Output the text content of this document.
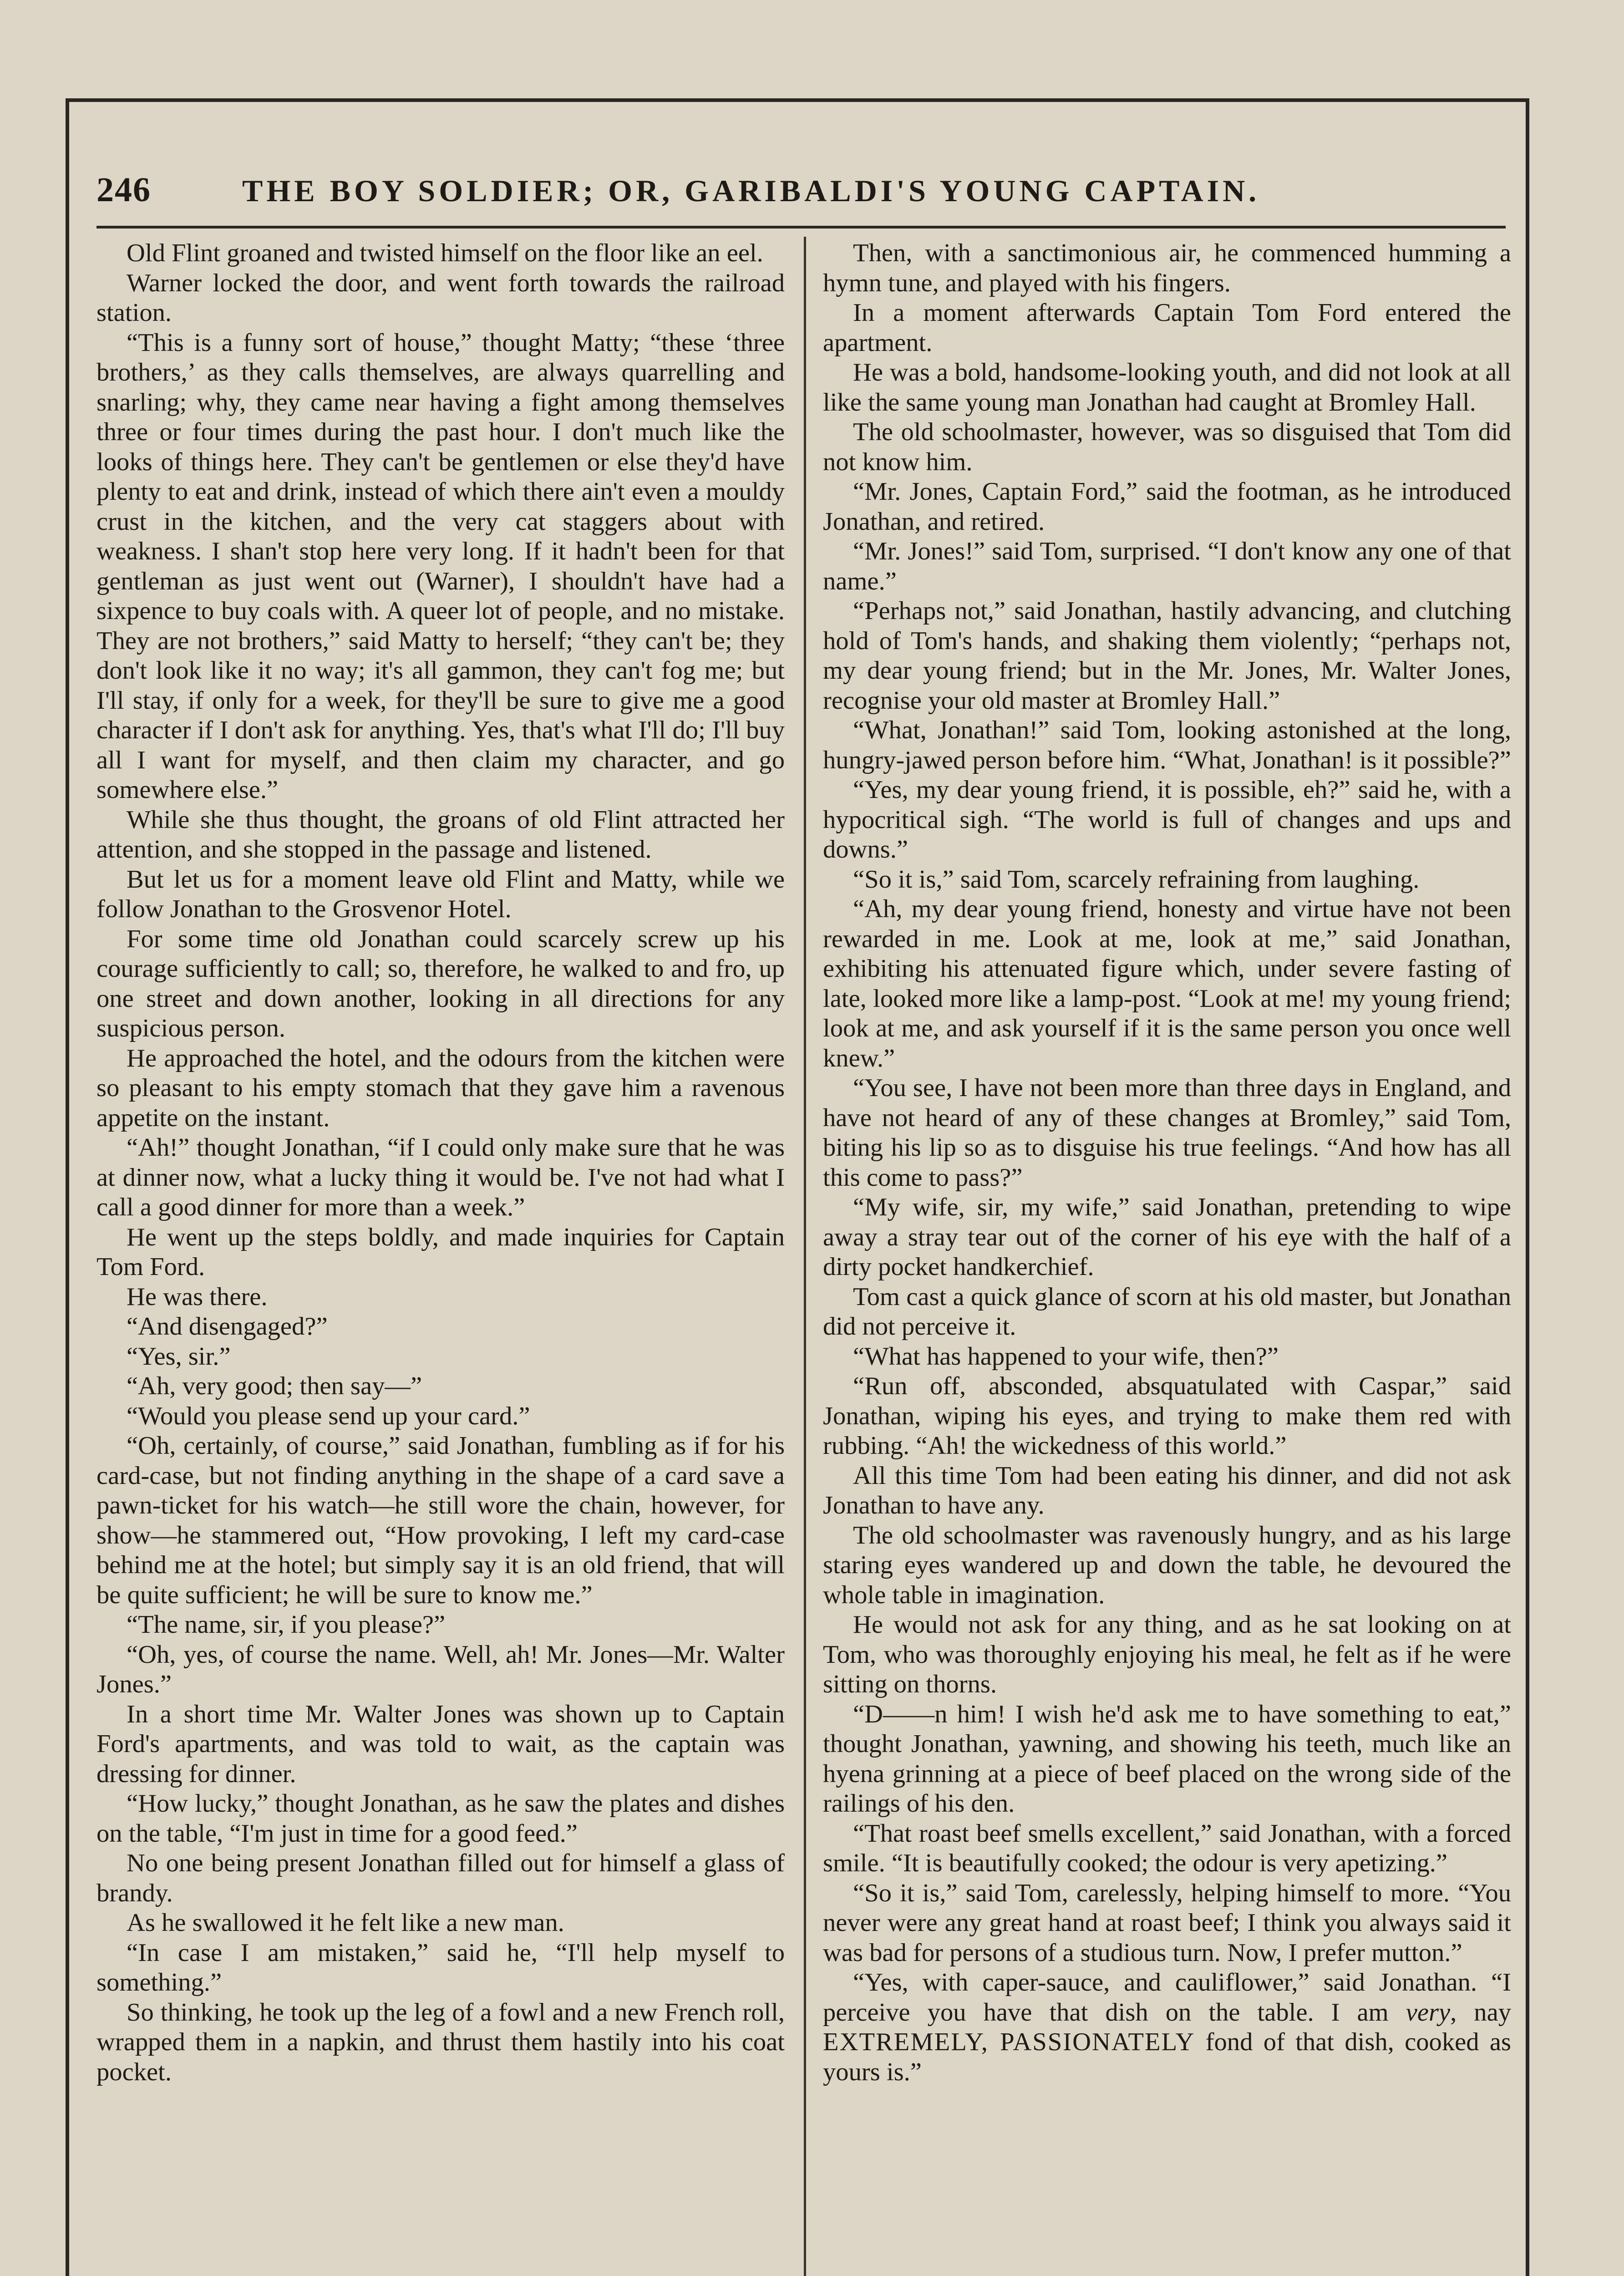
246	THE BOY SOLDIER; OR, GARIBALDI'S YOUNG CAPTAIN.

Old Flint groaned and twisted himself on the floor like an eel.

Warner locked the door, and went forth towards the railroad station.

“This is a funny sort of house,” thought Matty; “these ‘three brothers,’ as they calls themselves, are always quarrelling and snarling; why, they came near having a fight among themselves three or four times during the past hour. I don't much like the looks of things here. They can't be gentlemen or else they'd have plenty to eat and drink, instead of which there ain't even a mouldy crust in the kitchen, and the very cat staggers about with weakness. I shan't stop here very long. If it hadn't been for that gentleman as just went out (Warner), I shouldn't have had a sixpence to buy coals with. A queer lot of people, and no mistake. They are not brothers,” said Matty to herself; “they can't be; they don't look like it no way; it's all gammon, they can't fog me; but I'll stay, if only for a week, for they'll be sure to give me a good character if I don't ask for anything. Yes, that's what I'll do; I'll buy all I want for myself, and then claim my character, and go somewhere else.”

While she thus thought, the groans of old Flint attracted her attention, and she stopped in the passage and listened.

But let us for a moment leave old Flint and Matty, while we follow Jonathan to the Grosvenor Hotel.

For some time old Jonathan could scarcely screw up his courage sufficiently to call; so, therefore, he walked to and fro, up one street and down another, looking in all directions for any suspicious person.

He approached the hotel, and the odours from the kitchen were so pleasant to his empty stomach that they gave him a ravenous appetite on the instant.

“Ah!” thought Jonathan, “if I could only make sure that he was at dinner now, what a lucky thing it would be. I've not had what I call a good dinner for more than a week.”

He went up the steps boldly, and made inquiries for Captain Tom Ford.

He was there.

“And disengaged?”

“Yes, sir.”

“Ah, very good; then say—”

“Would you please send up your card.”

“Oh, certainly, of course,” said Jonathan, fumbling as if for his card-case, but not finding anything in the shape of a card save a pawn-ticket for his watch—he still wore the chain, however, for show—he stammered out, “How provoking, I left my card-case behind me at the hotel; but simply say it is an old friend, that will be quite sufficient; he will be sure to know me.”

“The name, sir, if you please?”

“Oh, yes, of course the name. Well, ah! Mr. Jones—Mr. Walter Jones.”

In a short time Mr. Walter Jones was shown up to Captain Ford's apartments, and was told to wait, as the captain was dressing for dinner.

“How lucky,” thought Jonathan, as he saw the plates and dishes on the table, “I'm just in time for a good feed.”

No one being present Jonathan filled out for himself a glass of brandy.

As he swallowed it he felt like a new man.

“In case I am mistaken,” said he, “I'll help myself to something.”

So thinking, he took up the leg of a fowl and a new French roll, wrapped them in a napkin, and thrust them hastily into his coat pocket.

Then, with a sanctimonious air, he commenced humming a hymn tune, and played with his fingers.

In a moment afterwards Captain Tom Ford entered the apartment.

He was a bold, handsome-looking youth, and did not look at all like the same young man Jonathan had caught at Bromley Hall.

The old schoolmaster, however, was so disguised that Tom did not know him.

“Mr. Jones, Captain Ford,” said the footman, as he introduced Jonathan, and retired.

“Mr. Jones!” said Tom, surprised. “I don't know any one of that name.”

“Perhaps not,” said Jonathan, hastily advancing, and clutching hold of Tom's hands, and shaking them violently; “perhaps not, my dear young friend; but in the Mr. Jones, Mr. Walter Jones, recognise your old master at Bromley Hall.”

“What, Jonathan!” said Tom, looking astonished at the long, hungry-jawed person before him. “What, Jonathan! is it possible?”

“Yes, my dear young friend, it is possible, eh?” said he, with a hypocritical sigh. “The world is full of changes and ups and downs.”

“So it is,” said Tom, scarcely refraining from laughing.

“Ah, my dear young friend, honesty and virtue have not been rewarded in me. Look at me, look at me,” said Jonathan, exhibiting his attenuated figure which, under severe fasting of late, looked more like a lamp-post. “Look at me! my young friend; look at me, and ask yourself if it is the same person you once well knew.”

“You see, I have not been more than three days in England, and have not heard of any of these changes at Bromley,” said Tom, biting his lip so as to disguise his true feelings. “And how has all this come to pass?”

“My wife, sir, my wife,” said Jonathan, pretending to wipe away a stray tear out of the corner of his eye with the half of a dirty pocket handkerchief.

Tom cast a quick glance of scorn at his old master, but Jonathan did not perceive it.

“What has happened to your wife, then?”

“Run off, absconded, absquatulated with Caspar,” said Jonathan, wiping his eyes, and trying to make them red with rubbing. “Ah! the wickedness of this world.”

All this time Tom had been eating his dinner, and did not ask Jonathan to have any.

The old schoolmaster was ravenously hungry, and as his large staring eyes wandered up and down the table, he devoured the whole table in imagination.

He would not ask for any thing, and as he sat looking on at Tom, who was thoroughly enjoying his meal, he felt as if he were sitting on thorns.

“D——n him! I wish he'd ask me to have something to eat,” thought Jonathan, yawning, and showing his teeth, much like an hyena grinning at a piece of beef placed on the wrong side of the railings of his den.

“That roast beef smells excellent,” said Jonathan, with a forced smile. “It is beautifully cooked; the odour is very apetizing.”

“So it is,” said Tom, carelessly, helping himself to more. “You never were any great hand at roast beef; I think you always said it was bad for persons of a studious turn. Now, I prefer mutton.”

“Yes, with caper-sauce, and cauliflower,” said Jonathan. “I perceive you have that dish on the table. I am very, nay EXTREMELY, PASSIONATELY fond of that dish, cooked as yours is.”
